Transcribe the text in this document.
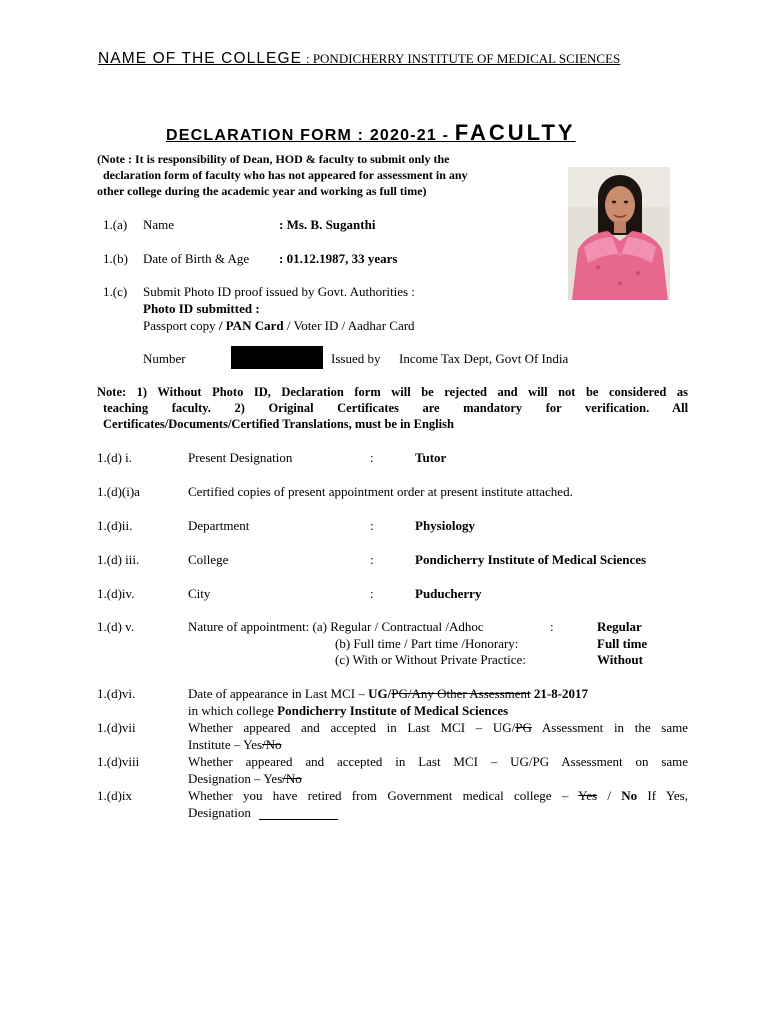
NAME OF THE COLLEGE : PONDICHERRY INSTITUTE OF MEDICAL SCIENCES
DECLARATION FORM : 2020-21 - FACULTY
(Note : It is responsibility of Dean, HOD & faculty to submit only the
declaration form of faculty who has not appeared for assessment in any
other college during the academic year and working as full time)
1.(a) Name	: Ms. B. Suganthi
1.(b) Date of Birth & Age : 01.12.1987, 33 years
1.(c) Submit Photo ID proof issued by Govt. Authorities :
Photo ID submitted :
Passport copy / PAN Card / Voter ID / Aadhar Card
Number	Issued by Income Tax Dept, Govt Of India
Note: 1) Without Photo ID, Declaration form will be rejected and will not be considered as
teaching faculty. 2) Original Certificates are mandatory for verification. All
Certificates/Documents/Certified Translations, must be in English
1.(d) i.	Present Designation	:	Tutor
1.(d)(i)a	Certified copies of present appointment order at present institute attached.
1.(d)ii.	Department	:	Physiology
1.(d) iii.	College	:	Pondicherry Institute of Medical Sciences
1.(d)iv.	City	:	Puducherry
1.(d) v.	Nature of appointment: (a) Regular / Contractual /Adhoc	:	Regular
(b) Full time / Part time /Honorary:	Full time
(c) With or Without Private Practice:	Without
1.(d)vi.	Date of appearance in Last MCI – UG/PG/Any Other Assessment 21-8-2017
in which college Pondicherry Institute of Medical Sciences
1.(d)vii	Whether appeared and accepted in Last MCI – UG/PG Assessment in the same
Institute – Yes/No
1.(d)viii	Whether appeared and accepted in Last MCI – UG/PG Assessment on same
Designation – Yes/No
1.(d)ix	Whether you have retired from Government medical college – Yes / No If Yes,
Designation
